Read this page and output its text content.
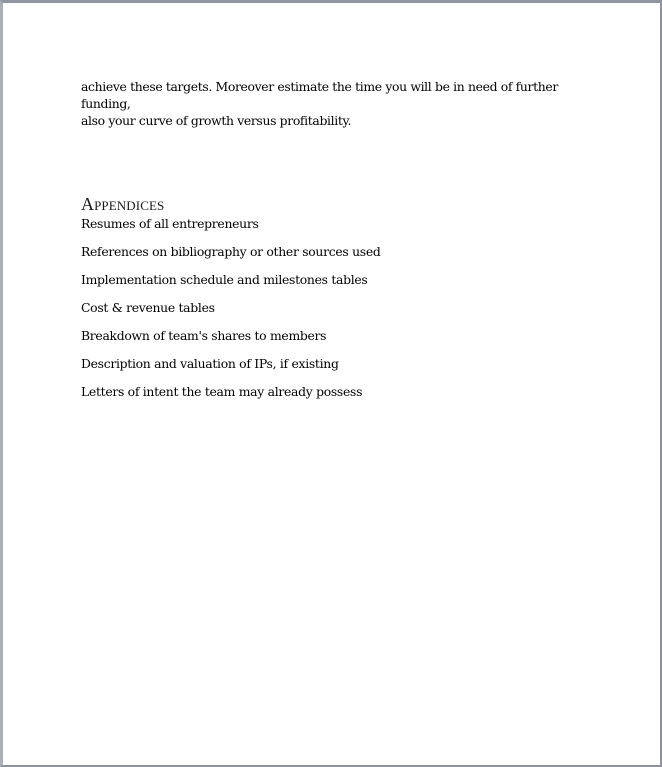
achieve these targets. Moreover estimate the time you will be in need of further funding,
also your curve of growth versus profitability.

Appendices
Resumes of all entrepreneurs
References on bibliography or other sources used
Implementation schedule and milestones tables
Cost & revenue tables
Breakdown of team's shares to members
Description and valuation of IPs, if existing
Letters of intent the team may already possess
